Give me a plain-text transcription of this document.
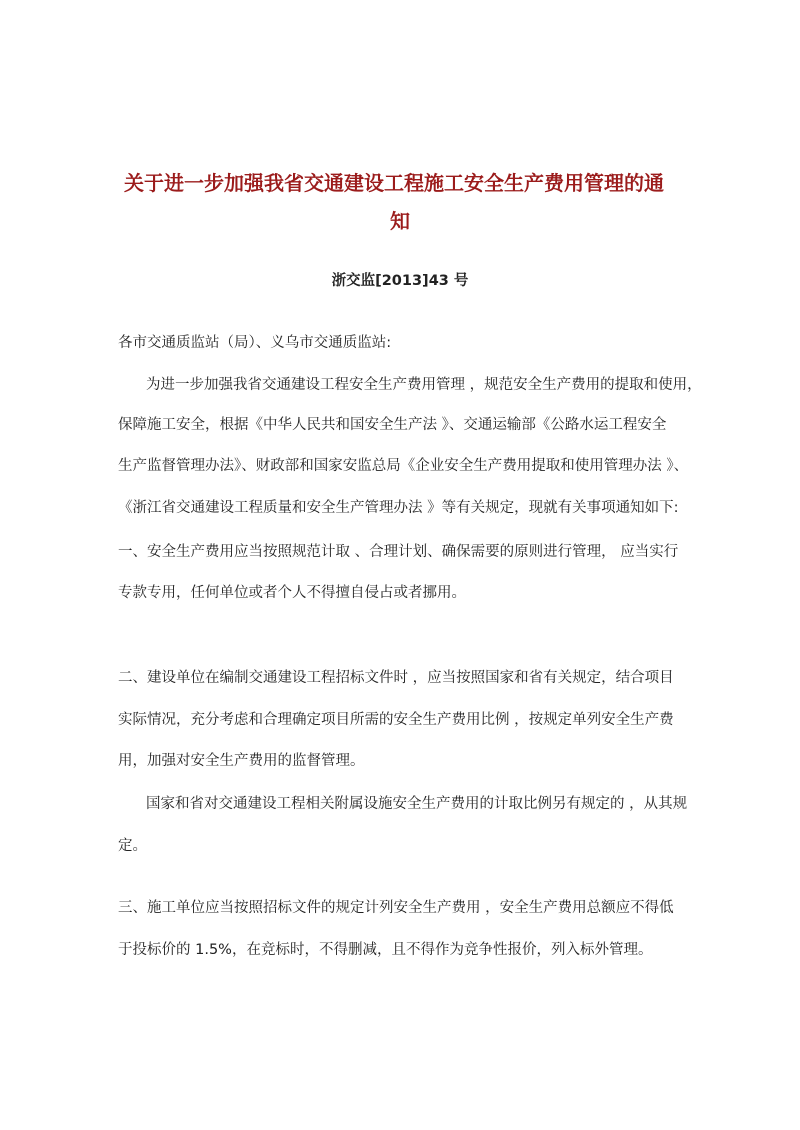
关于进一步加强我省交通建设工程施工安全生产费用管理的通
知
浙交监[2013]43 号
各市交通质监站（局）、义乌市交通质监站:
为进一步加强我省交通建设工程安全生产费用管理 ，规范安全生产费用的提取和使用，
保障施工安全，根据《中华人民共和国安全生产法 》、交通运输部《公路水运工程安全
生产监督管理办法》、财政部和国家安监总局《企业安全生产费用提取和使用管理办法 》、
《浙江省交通建设工程质量和安全生产管理办法 》等有关规定，现就有关事项通知如下:
一、安全生产费用应当按照规范计取 、合理计划、确保需要的原则进行管理， 应当实行
专款专用，任何单位或者个人不得擅自侵占或者挪用。
二、建设单位在编制交通建设工程招标文件时 ，应当按照国家和省有关规定，结合项目
实际情况，充分考虑和合理确定项目所需的安全生产费用比例 ，按规定单列安全生产费
用，加强对安全生产费用的监督管理。
国家和省对交通建设工程相关附属设施安全生产费用的计取比例另有规定的 ，从其规
定。
三、施工单位应当按照招标文件的规定计列安全生产费用 ，安全生产费用总额应不得低
于投标价的 1.5%，在竞标时，不得删减，且不得作为竞争性报价，列入标外管理。
